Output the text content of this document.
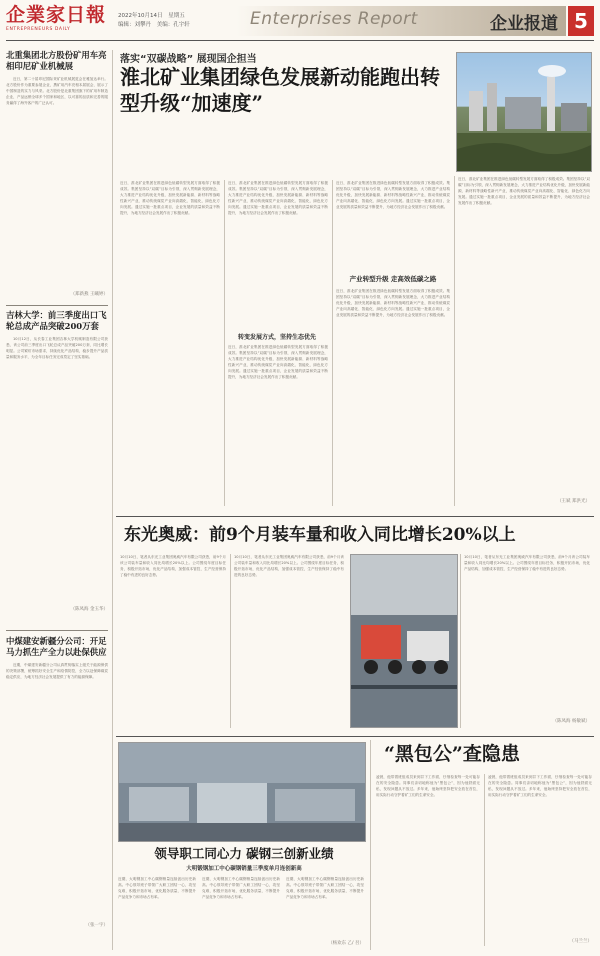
企業家日報
ENTREPRENEURS DAILY
2022年10月14日 星期五
编辑：刘攀丹 美编：孔宇轩	Enterprises Report	企业报道 5
北重集团北方股份矿用车亮相印尼矿业机械展
近日，第二十届印尼国际采矿业机械展览会在雅加达举行。北方股份作为重要参展企业，携矿用汽车亮相本届展会，展示了中国制造的实力与风采。北方股份是北重集团旗下的矿用车制造企业，产品远销全球多个国家和地区，以可靠的品质和完善的服务赢得了海外客户的广泛认可。
（郑新燕 王曦婷）
吉林大学：前三季度出口飞轮总成产品突破200万套
10月12日，从长春工业集团吉林大学机械制造有限公司获悉，该公司前三季度出口飞轮总成产品突破200万套，同比增长明显。公司紧盯市场需求，持续优化产品结构，稳步提升产品质量和服务水平，为全年目标任务完成奠定了坚实基础。
（陈凤海 金玉华）
中煤建安新疆分公司：开足马力抓生产全力以赴保供应
近期，中煤建安新疆分公司认真贯彻落实上级关于能源保供的决策部署，统筹抓好安全生产和疫情防控，全力以赴保障煤炭稳定供应，为地方经济社会发展提供了有力的能源保障。
（张一宇）
落实“双碳战略” 展现国企担当
淮北矿业集团绿色发展新动能跑出转型升级“加速度”
近日，淮北矿业集团在推进绿色低碳转型发展方面取得了积极成效。集团坚持以“双碳”目标为引领，深入贯彻新发展理念，大力推进产业结构优化升级，加快发展新能源、新材料等战略性新兴产业，推动传统煤炭产业向高端化、智能化、绿色化方向发展。通过实施一批重点项目，企业发展的质量和效益不断提升，为地方经济社会发展作出了积极贡献。
转变发展方式，坚持生态优先
近日，淮北矿业集团在推进绿色低碳转型发展方面取得了积极成效。集团坚持以“双碳”目标为引领，深入贯彻新发展理念，大力推进产业结构优化升级，加快发展新能源、新材料等战略性新兴产业，推动传统煤炭产业向高端化、智能化、绿色化方向发展。通过实施一批重点项目，企业发展的质量和效益不断提升，为地方经济社会发展作出了积极贡献。
近日，淮北矿业集团在推进绿色低碳转型发展方面取得了积极成效。集团坚持以“双碳”目标为引领，深入贯彻新发展理念，大力推进产业结构优化升级，加快发展新能源、新材料等战略性新兴产业，推动传统煤炭产业向高端化、智能化、绿色化方向发展。通过实施一批重点项目，企业发展的质量和效益不断提升，为地方经济社会发展作出了积极贡献。
产业转型升级 走高效低碳之路
近日，淮北矿业集团在推进绿色低碳转型发展方面取得了积极成效。集团坚持以“双碳”目标为引领，深入贯彻新发展理念，大力推进产业结构优化升级，加快发展新能源、新材料等战略性新兴产业，推动传统煤炭产业向高端化、智能化、绿色化方向发展。通过实施一批重点项目，企业发展的质量和效益不断提升，为地方经济社会发展作出了积极贡献。
近日，淮北矿业集团在推进绿色低碳转型发展方面取得了积极成效。集团坚持以“双碳”目标为引领，深入贯彻新发展理念，大力推进产业结构优化升级，加快发展新能源、新材料等战略性新兴产业，推动传统煤炭产业向高端化、智能化、绿色化方向发展。通过实施一批重点项目，企业发展的质量和效益不断提升，为地方经济社会发展作出了积极贡献。
近日，淮北矿业集团在推进绿色低碳转型发展方面取得了积极成效。集团坚持以“双碳”目标为引领，深入贯彻新发展理念，大力推进产业结构优化升级，加快发展新能源、新材料等战略性新兴产业，推动传统煤炭产业向高端化、智能化、绿色化方向发展。通过实施一批重点项目，企业发展的质量和效益不断提升，为地方经济社会发展作出了积极贡献。
（王斌 郑洪光）
东光奥威：前9个月装车量和收入同比增长20%以上
10月10日，笔者从东光工业集团奥威汽车有限公司获悉，前9个月该公司装车量和收入同比均增长20%以上。公司围绕年度目标任务，积极开拓市场，优化产品结构，加强成本管控，生产经营保持了稳中有进的良好态势。
10月10日，笔者从东光工业集团奥威汽车有限公司获悉，前9个月该公司装车量和收入同比均增长20%以上。公司围绕年度目标任务，积极开拓市场，优化产品结构，加强成本管控，生产经营保持了稳中有进的良好态势。
10月10日，笔者从东光工业集团奥威汽车有限公司获悉，前9个月该公司装车量和收入同比均增长20%以上。公司围绕年度目标任务，积极开拓市场，优化产品结构，加强成本管控，生产经营保持了稳中有进的良好态势。
（陈凤海 杨敏斌）
领导职工同心力 碳钢三创新业绩
大明锻钢加工中心碳钢销量三季度单月连创新高
近期，大明钢加工中心碳钢销量连续创出历史新高。中心领导班子带领广大职工团结一心，攻坚克难，积极开拓市场，优化服务质量，不断提升产品竞争力和市场占有率。
近期，大明钢加工中心碳钢销量连续创出历史新高。中心领导班子带领广大职工团结一心，攻坚克难，积极开拓市场，优化服务质量，不断提升产品竞争力和市场占有率。
近期，大明钢加工中心碳钢销量连续创出历史新高。中心领导班子带领广大职工团结一心，攻坚克难，积极开拓市场，优化服务质量，不断提升产品竞争力和市场占有率。
（杨欢东 乙/ 吾）
“黑包公”查隐患
凌晨，他带着班组成员来到井下工作面，仔细检查每一处可能存在的安全隐患。同事们亲切地称他为“黑包公”，因为他铁面无私，发现问题从不放过。多年来，他始终坚持把安全放在首位，用实际行动守护着矿工们的生命安全。
凌晨，他带着班组成员来到井下工作面，仔细检查每一处可能存在的安全隐患。同事们亲切地称他为“黑包公”，因为他铁面无私，发现问题从不放过。多年来，他始终坚持把安全放在首位，用实际行动守护着矿工们的生命安全。
（马兰兰）
